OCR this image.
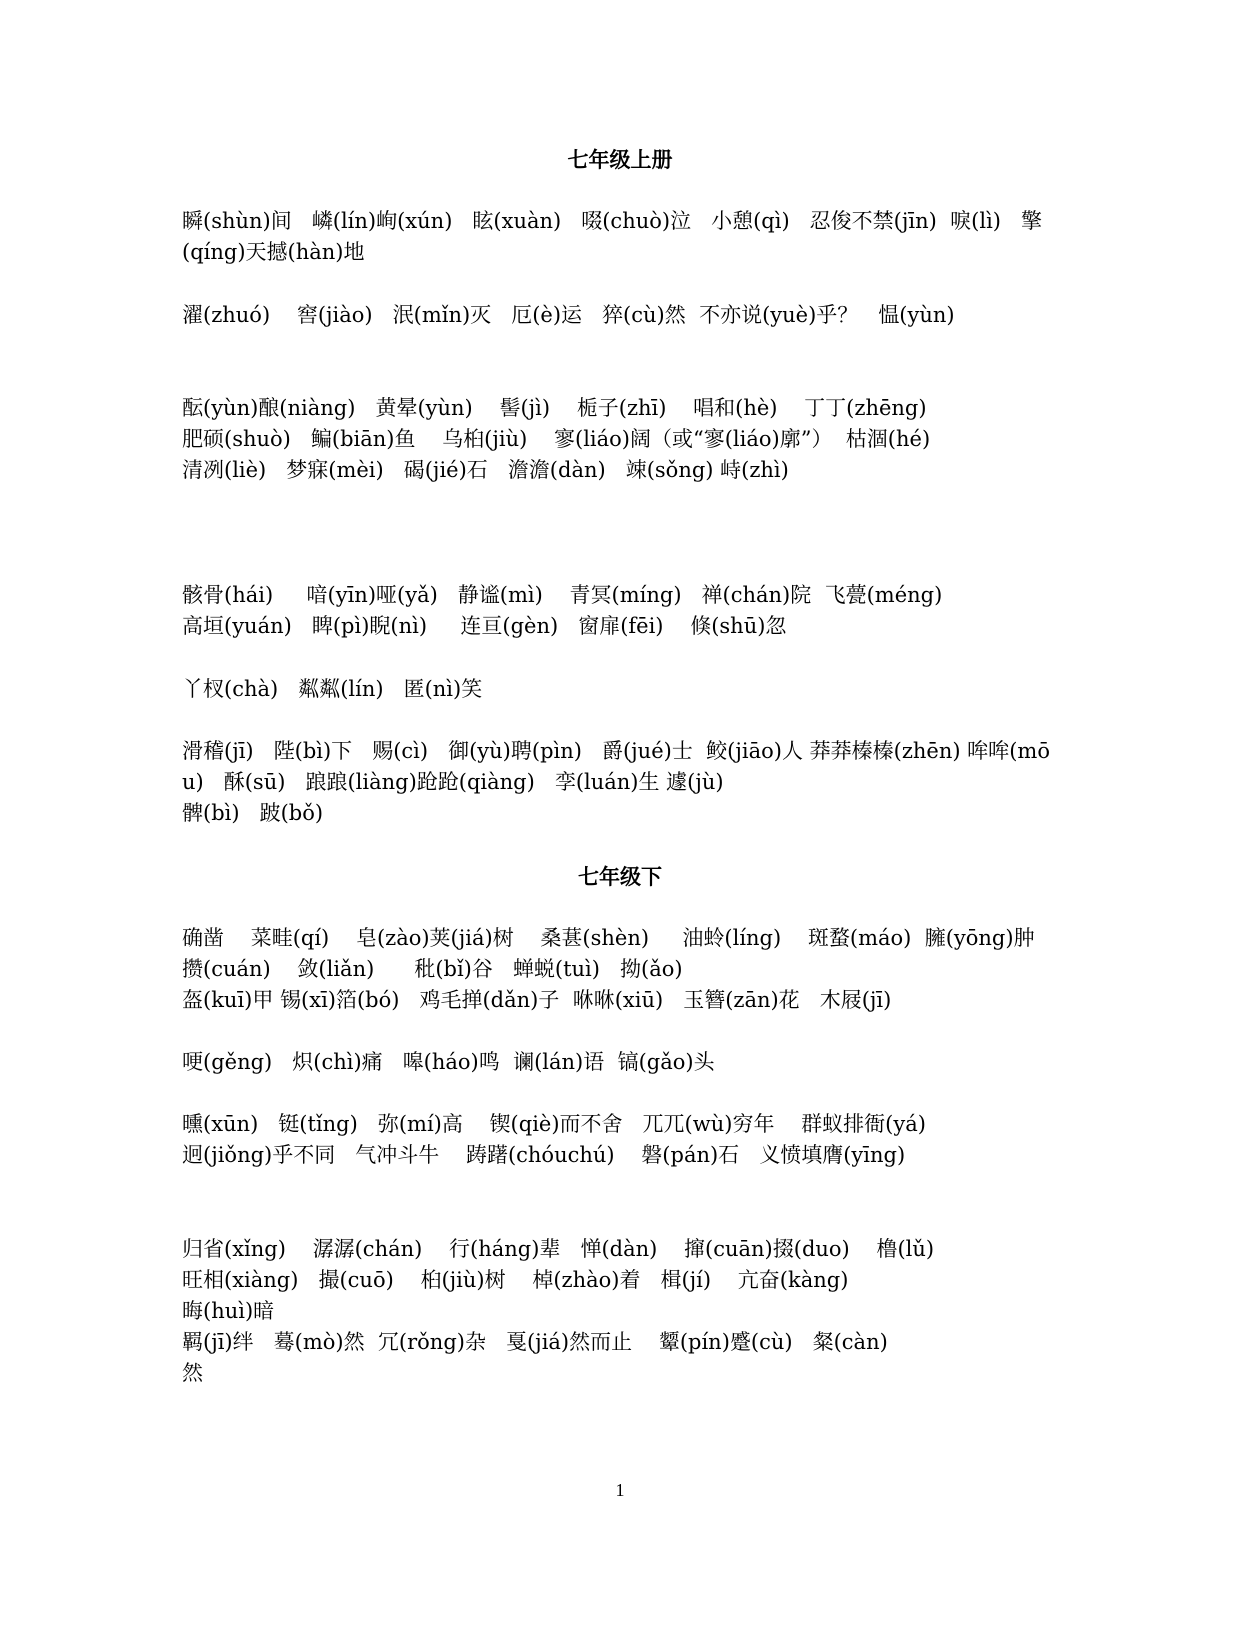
七年级上册
瞬(shùn)间   嶙(lín)峋(xún)   眩(xuàn)   啜(chuò)泣   小憩(qì)   忍俊不禁(jīn)  唳(lì)   擎(qíng)天撼(hàn)地
濯(zhuó)    窖(jiào)   泯(mǐn)灭   厄(è)运   猝(cù)然  不亦说(yuè)乎？   愠(yùn)
酝(yùn)酿(niàng)   黄晕(yùn)    髻(jì)    栀子(zhī)    唱和(hè)    丁丁(zhēng)
肥硕(shuò)   鳊(biān)鱼    乌桕(jiù)    寥(liáo)阔（或“寥(liáo)廓”）  枯涸(hé)
清冽(liè)   梦寐(mèi)   碣(jié)石   澹澹(dàn)   竦(sǒng) 峙(zhì)
骸骨(hái)     喑(yīn)哑(yǎ)   静谧(mì)    青冥(míng)   禅(chán)院  飞甍(méng)
高垣(yuán)   睥(pì)睨(nì)     连亘(gèn)   窗扉(fēi)    倏(shū)忽
丫杈(chà)   粼粼(lín)   匿(nì)笑
滑稽(jī)   陛(bì)下   赐(cì)   御(yù)聘(pìn)   爵(jué)士  鲛(jiāo)人 莽莽榛榛(zhēn) 哞哞(mōu)   酥(sū)   踉踉(liàng)跄跄(qiàng)   孪(luán)生 遽(jù)
髀(bì)   跛(bǒ)
七年级下
确凿    菜畦(qí)    皂(zào)荚(jiá)树    桑葚(shèn)     油蛉(líng)    斑蝥(máo)  臃(yōng)肿   攒(cuán)    敛(liǎn)      秕(bǐ)谷   蝉蜕(tuì)   拗(ǎo)
盔(kuī)甲 锡(xī)箔(bó)   鸡毛掸(dǎn)子  咻咻(xiū)   玉簪(zān)花   木屐(jī)
哽(gěng)   炽(chì)痛   嗥(háo)鸣  谰(lán)语  镐(gǎo)头
曛(xūn)   铤(tǐng)   弥(mí)高    锲(qiè)而不舍   兀兀(wù)穷年    群蚁排衙(yá)
迥(jiǒng)乎不同   气冲斗牛    踌躇(chóuchú)    磐(pán)石   义愤填膺(yīng)
归省(xǐng)    潺潺(chán)    行(háng)辈   惮(dàn)    撺(cuān)掇(duo)    橹(lǔ)
旺相(xiàng)   撮(cuō)    桕(jiù)树    棹(zhào)着   楫(jí)    亢奋(kàng)
晦(huì)暗
羁(jī)绊   蓦(mò)然  冗(rǒng)杂   戛(jiá)然而止    颦(pín)蹙(cù)   粲(càn)
然
1
